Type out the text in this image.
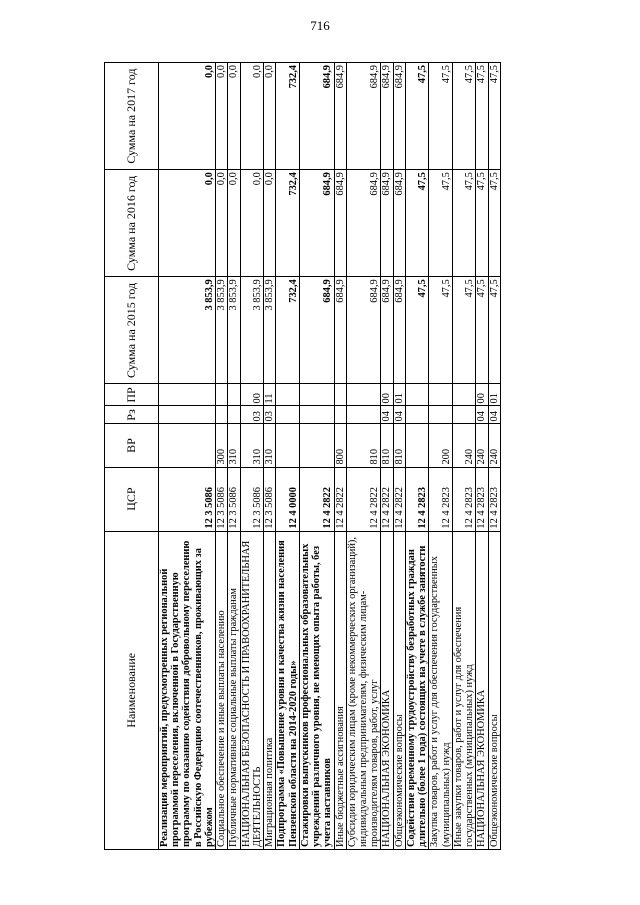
716
Наименование	ЦСР	ВР	Рз	ПР	Сумма на 2015 год	Сумма на 2016 год	Сумма на 2017 год
Реализация мероприятий, предусмотренных региональной программой переселения, включенной в Государственную программу по оказанию содействия добровольному переселению в Российскую Федерацию соотечественников, проживающих за рубежом	12 3 5086				3 853,9	0,0	0,0
Социальное обеспечение и иные выплаты населению	12 3 5086	300			3 853,9	0,0	0,0
Публичные нормативные социальные выплаты гражданам	12 3 5086	310			3 853,9	0,0	0,0
НАЦИОНАЛЬНАЯ БЕЗОПАСНОСТЬ И ПРАВООХРАНИТЕЛЬНАЯ ДЕЯТЕЛЬНОСТЬ	12 3 5086	310	03	00	3 853,9	0,0	0,0
Миграционная политика	12 3 5086	310	03	11	3 853,9	0,0	0,0
Подпрограмма «Повышение уровня и качества жизни населения Пензенской области на 2014-2020 годы»	12 4 0000				732,4	732,4	732,4
Стажировки выпускников профессиональных образовательных учреждений различного уровня, не имеющих опыта работы, без учета наставников	12 4 2822				684,9	684,9	684,9
Иные бюджетные ассигнования	12 4 2822	800			684,9	684,9	684,9
Субсидии юридическим лицам (кроме некоммерческих организаций), индивидуальным предпринимателям, физическим лицам-производителям товаров, работ, услуг	12 4 2822	810			684,9	684,9	684,9
НАЦИОНАЛЬНАЯ ЭКОНОМИКА	12 4 2822	810	04	00	684,9	684,9	684,9
Общеэкономические вопросы	12 4 2822	810	04	01	684,9	684,9	684,9
Содействие временному трудоустройству безработных граждан длительно (более 1 года) состоящих на учете в службе занятости	12 4 2823				47,5	47,5	47,5
Закупка товаров, работ и услуг для обеспечения государственных (муниципальных) нужд	12 4 2823	200			47,5	47,5	47,5
Иные закупки товаров, работ и услуг для обеспечения государственных (муниципальных) нужд	12 4 2823	240			47,5	47,5	47,5
НАЦИОНАЛЬНАЯ ЭКОНОМИКА	12 4 2823	240	04	00	47,5	47,5	47,5
Общеэкономические вопросы	12 4 2823	240	04	01	47,5	47,5	47,5
